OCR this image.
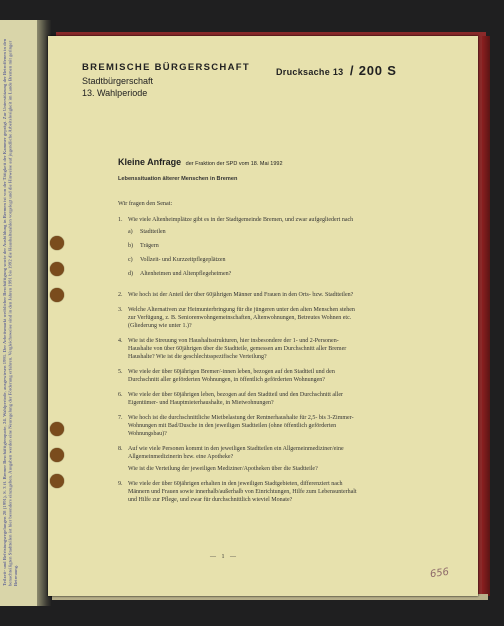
Teilzeit- und Befristungsregelungen 28 (1991), S. 3 ff. Bremer Beschäftigtenquote, 24. Wahlperiode, ausgewiesen 1991. Der Arbeitsmarkt weiblicher Beschäftigung sowie der Ausbildung in Bremen ist von der Tätigkeit der Kammer geprägt. Zur Unterstützung der Betroffenen in den benachteiligten Stadtteilen ist hier besonders einzugehen. Ausgaben werden eine Neuregelung der Förderung erfahren. Vergleichsweise sind in den Jahren 1991 bis 1992 die Haushaltszahlen vorgelegt und die Hinweise auf jugendliche Arbeitslosigkeit im Lande Bremen mit geringer Betreuung.
BREMISCHE BÜRGERSCHAFT
Stadtbürgerschaft
13. Wahlperiode
Drucksache 13 / 200 S
Kleine Anfrage der Fraktion der SPD vom 18. Mai 1992
Lebenssituation älterer Menschen in Bremen
Wir fragen den Senat:
1. Wie viele Altenheimplätze gibt es in der Stadtgemeinde Bremen, und zwar aufgegliedert nach
a)	Stadtteilen
b)	Trägern
c)	Vollzeit- und Kurzzeitpflegeplätzen
d)	Altenheimen und Altenpflegeheimen?
2. Wie hoch ist der Anteil der über 60jährigen Männer und Frauen in den Orts- bzw. Stadtteilen?
3. Welche Alternativen zur Heimunterbringung für die jüngeren unter den alten Menschen stehen zur Verfügung, z. B. Seniorenwohngemeinschaften, Altenwohnungen, Betreutes Wohnen etc. (Gliederung wie unter 1.)?
4. Wie ist die Streuung von Haushaltsstrukturen, hier insbesondere der 1- und 2-Personen-Haushalte von über 60jährigen über die Stadtteile, gemessen am Durchschnitt aller Bremer Haushalte? Wie ist die geschlechtsspezifische Verteilung?
5. Wie viele der über 60jährigen Bremer/-innen leben, bezogen auf den Stadtteil und den Durchschnitt aller geförderten Wohnungen, in öffentlich geförderten Wohnungen?
6. Wie viele der über 60jährigen leben, bezogen auf den Stadtteil und den Durchschnitt aller Eigentümer- und Hauptmieterhaushalte, in Mietwohnungen?
7. Wie hoch ist die durchschnittliche Mietbelastung der Rentnerhaushalte für 2,5- bis 3-Zimmer-Wohnungen mit Bad/Dusche in den jeweiligen Stadtteilen (ohne öffentlich geförderten Wohnungsbau)?
8. Auf wie viele Personen kommt in den jeweiligen Stadtteilen ein Allgemeinmediziner/eine Allgemeinmedizinerin bzw. eine Apotheke?
Wie ist die Verteilung der jeweiligen Mediziner/Apotheken über die Stadtteile?
9. Wie viele der über 60jährigen erhalten in den jeweiligen Stadtgebieten, differenziert nach Männern und Frauen sowie innerhalb/außerhalb von Einrichtungen, Hilfe zum Lebensunterhalt und Hilfe zur Pflege, und zwar für durchschnittlich wieviel Monate?
— 1 —
656
